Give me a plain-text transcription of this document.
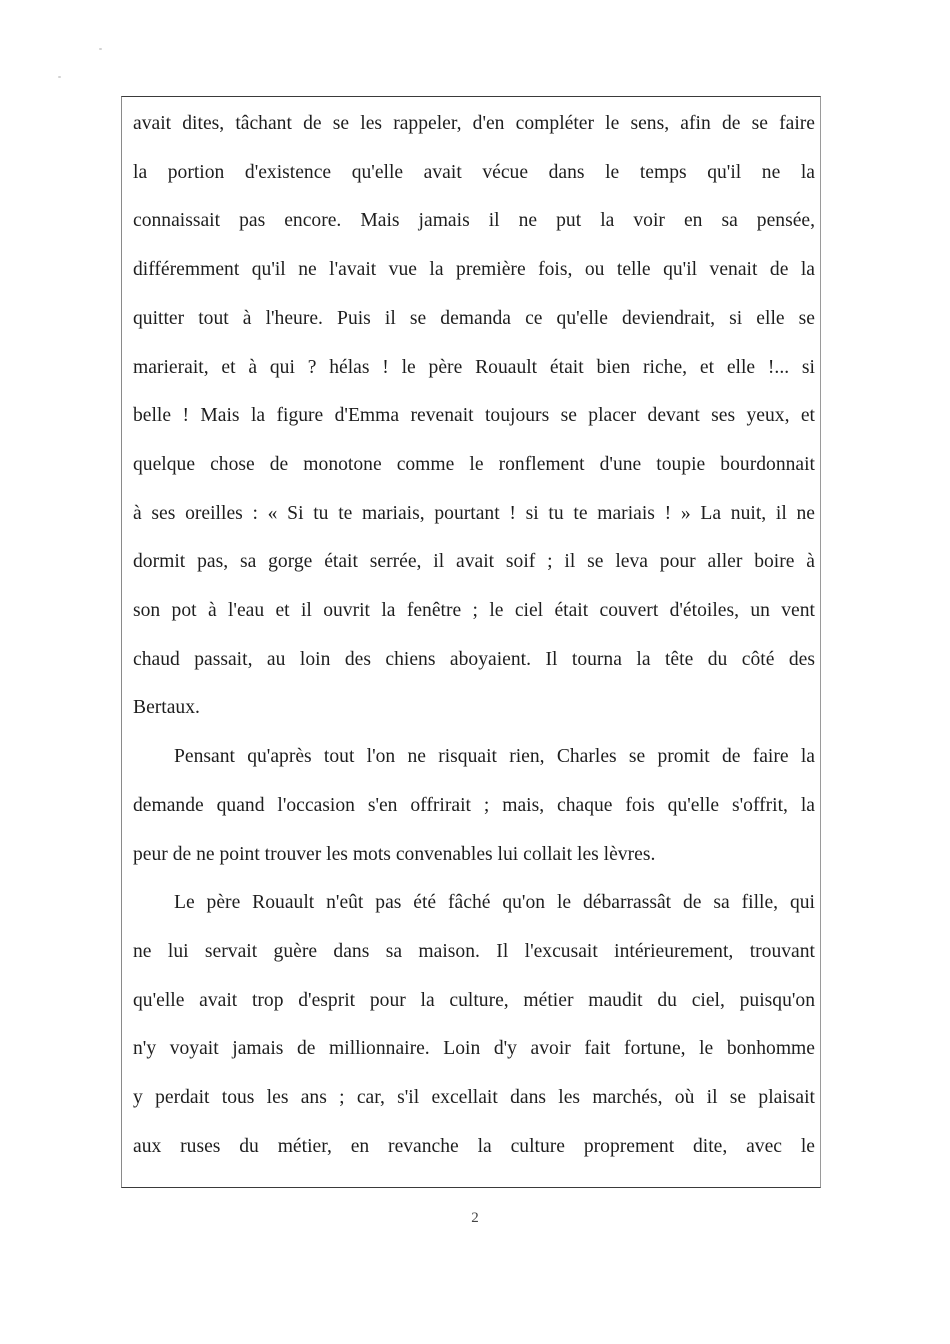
avait dites, tâchant de se les rappeler, d'en compléter le sens, afin de se faire
la portion d'existence qu'elle avait vécue dans le temps qu'il ne la
connaissait pas encore. Mais jamais il ne put la voir en sa pensée,
différemment qu'il ne l'avait vue la première fois, ou telle qu'il venait de la
quitter tout à l'heure. Puis il se demanda ce qu'elle deviendrait, si elle se
marierait, et à qui ? hélas ! le père Rouault était bien riche, et elle !... si
belle ! Mais la figure d'Emma revenait toujours se placer devant ses yeux, et
quelque chose de monotone comme le ronflement d'une toupie bourdonnait
à ses oreilles : « Si tu te mariais, pourtant ! si tu te mariais ! » La nuit, il ne
dormit pas, sa gorge était serrée, il avait soif ; il se leva pour aller boire à
son pot à l'eau et il ouvrit la fenêtre ; le ciel était couvert d'étoiles, un vent
chaud passait, au loin des chiens aboyaient. Il tourna la tête du côté des
Bertaux.

Pensant qu'après tout l'on ne risquait rien, Charles se promit de faire la
demande quand l'occasion s'en offrirait ; mais, chaque fois qu'elle s'offrit, la
peur de ne point trouver les mots convenables lui collait les lèvres.

Le père Rouault n'eût pas été fâché qu'on le débarrassât de sa fille, qui
ne lui servait guère dans sa maison. Il l'excusait intérieurement, trouvant
qu'elle avait trop d'esprit pour la culture, métier maudit du ciel, puisqu'on
n'y voyait jamais de millionnaire. Loin d'y avoir fait fortune, le bonhomme
y perdait tous les ans ; car, s'il excellait dans les marchés, où il se plaisait
aux ruses du métier, en revanche la culture proprement dite, avec le

2
